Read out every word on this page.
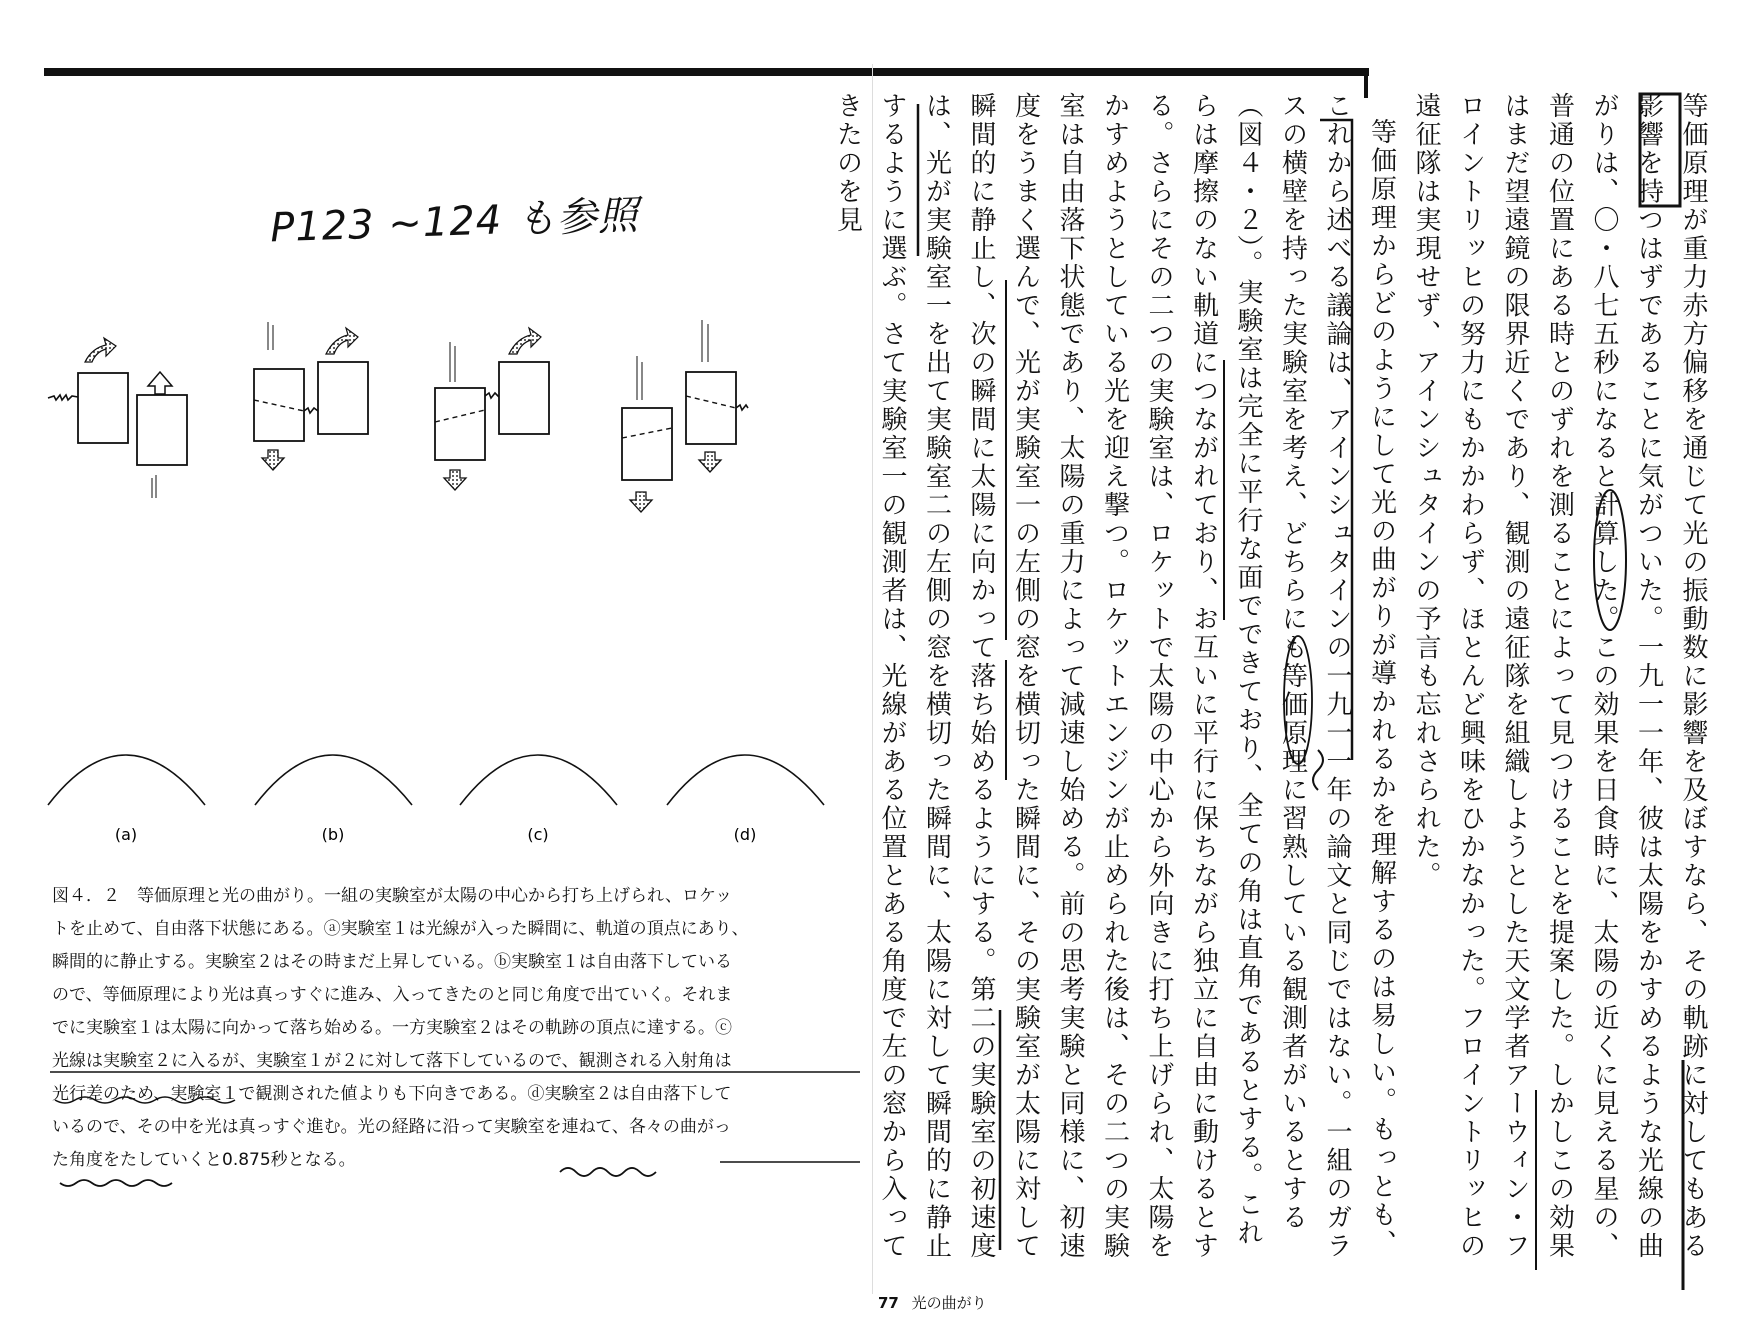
P123 ~124 も参照
(a)	(b)	(c)	(d)
図４．２　等価原理と光の曲がり。一組の実験室が太陽の中心から打ち上げられ、ロケッ
トを止めて、自由落下状態にある。ⓐ実験室１は光線が入った瞬間に、軌道の頂点にあり、
瞬間的に静止する。実験室２はその時まだ上昇している。ⓑ実験室１は自由落下している
ので、等価原理により光は真っすぐに進み、入ってきたのと同じ角度で出ていく。それま
でに実験室１は太陽に向かって落ち始める。一方実験室２はその軌跡の頂点に達する。ⓒ
光線は実験室２に入るが、実験室１が２に対して落下しているので、観測される入射角は
光行差のため、実験室１で観測された値よりも下向きである。ⓓ実験室２は自由落下して
いるので、その中を光は真っすぐ進む。光の経路に沿って実験室を連ねて、各々の曲がっ
た角度をたしていくと0.875秒となる。	等価原理が重力赤方偏移を通じて光の振動数に影響を及ぼすなら、その軌跡に対してもある影響を持つはずであることに気がついた。一九一一年、彼は太陽をかすめるような光線の曲がりは、〇・八七五秒になると計算した。この効果を日食時に、太陽の近くに見える星の、普通の位置にある時とのずれを測ることによって見つけることを提案した。しかしこの効果はまだ望遠鏡の限界近くであり、観測の遠征隊を組織しようとした天文学者アーウィン・フロイントリッヒの努力にもかかわらず、ほとんど興味をひかなかった。フロイントリッヒの遠征隊は実現せず、アインシュタインの予言も忘れさられた。

等価原理からどのようにして光の曲がりが導かれるかを理解するのは易しい。もっとも、これから述べる議論は、アインシュタインの一九一一年の論文と同じではない。一組のガラスの横壁を持った実験室を考え、どちらにも等価原理に習熟している観測者がいるとする（図４・２）。実験室は完全に平行な面でできており、全ての角は直角であるとする。これらは摩擦のない軌道につながれており、お互いに平行に保ちながら独立に自由に動けるとする。さらにその二つの実験室は、ロケットで太陽の中心から外向きに打ち上げられ、太陽をかすめようとしている光を迎え撃つ。ロケットエンジンが止められた後は、その二つの実験室は自由落下状態であり、太陽の重力によって減速し始める。前の思考実験と同様に、初速度をうまく選んで、光が実験室一の左側の窓を横切った瞬間に、その実験室が太陽に対して瞬間的に静止し、次の瞬間に太陽に向かって落ち始めるようにする。第二の実験室の初速度は、光が実験室一を出て実験室二の左側の窓を横切った瞬間に、太陽に対して瞬間的に静止するように選ぶ。さて実験室一の観測者は、光線がある位置とある角度で左の窓から入ってきたのを見

77 光の曲がり
